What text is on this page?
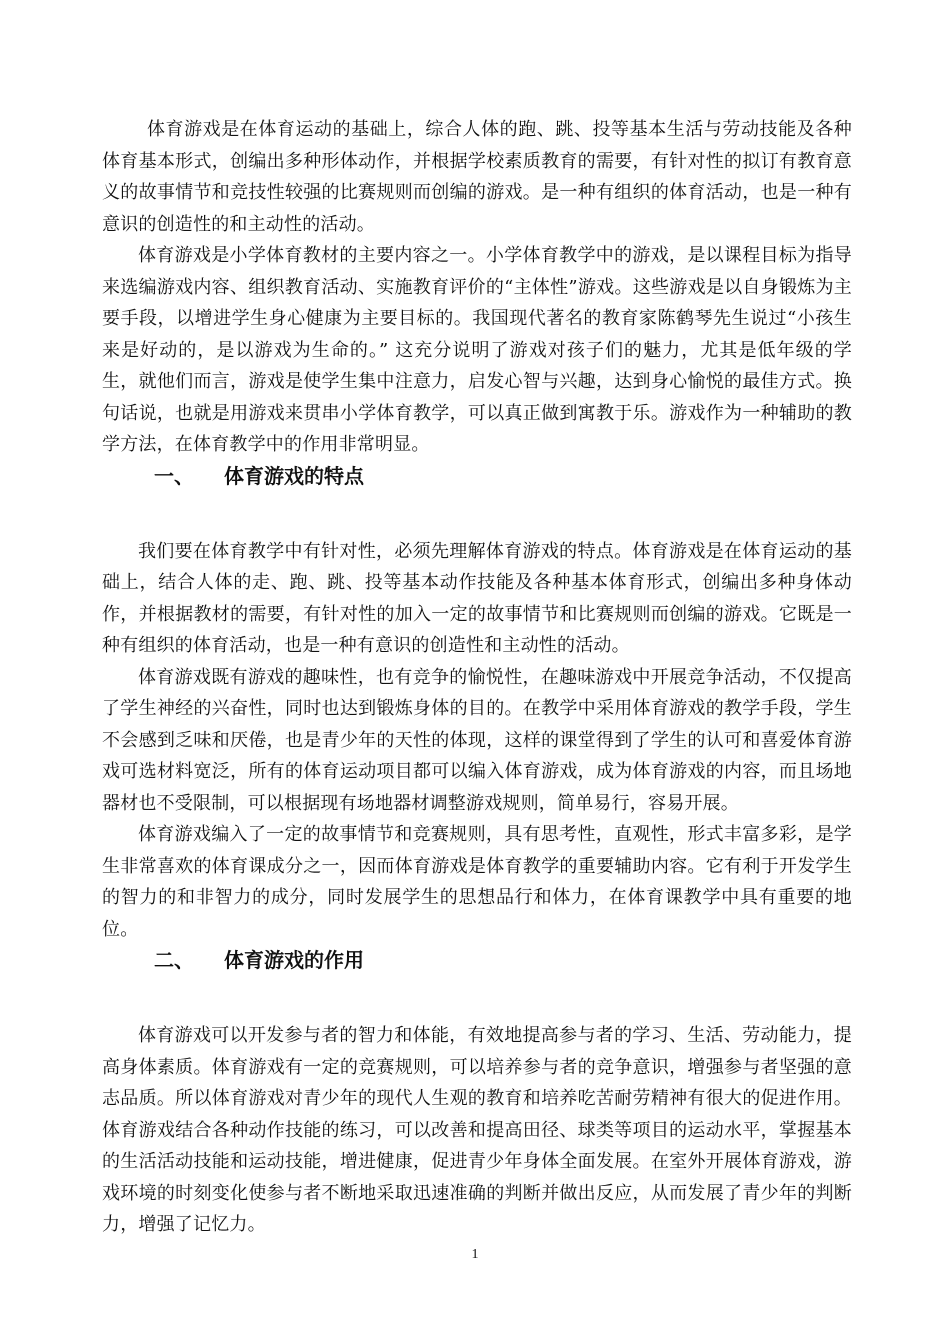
体育游戏是在体育运动的基础上，综合人体的跑、跳、投等基本生活与劳动技能及各种体育基本形式，创编出多种形体动作，并根据学校素质教育的需要，有针对性的拟订有教育意义的故事情节和竞技性较强的比赛规则而创编的游戏。是一种有组织的体育活动，也是一种有意识的创造性的和主动性的活动。

体育游戏是小学体育教材的主要内容之一。小学体育教学中的游戏，是以课程目标为指导来选编游戏内容、组织教育活动、实施教育评价的“主体性”游戏。这些游戏是以自身锻炼为主要手段，以增进学生身心健康为主要目标的。我国现代著名的教育家陈鹤琴先生说过“小孩生来是好动的，是以游戏为生命的。” 这充分说明了游戏对孩子们的魅力，尤其是低年级的学生，就他们而言，游戏是使学生集中注意力，启发心智与兴趣，达到身心愉悦的最佳方式。换句话说，也就是用游戏来贯串小学体育教学，可以真正做到寓教于乐。游戏作为一种辅助的教学方法，在体育教学中的作用非常明显。

一、 体育游戏的特点

我们要在体育教学中有针对性，必须先理解体育游戏的特点。体育游戏是在体育运动的基础上，结合人体的走、跑、跳、投等基本动作技能及各种基本体育形式，创编出多种身体动作，并根据教材的需要，有针对性的加入一定的故事情节和比赛规则而创编的游戏。它既是一种有组织的体育活动，也是一种有意识的创造性和主动性的活动。

体育游戏既有游戏的趣味性，也有竞争的愉悦性，在趣味游戏中开展竞争活动，不仅提高了学生神经的兴奋性，同时也达到锻炼身体的目的。在教学中采用体育游戏的教学手段，学生不会感到乏味和厌倦，也是青少年的天性的体现，这样的课堂得到了学生的认可和喜爱体育游戏可选材料宽泛，所有的体育运动项目都可以编入体育游戏，成为体育游戏的内容，而且场地器材也不受限制，可以根据现有场地器材调整游戏规则，简单易行，容易开展。

体育游戏编入了一定的故事情节和竞赛规则，具有思考性，直观性，形式丰富多彩，是学生非常喜欢的体育课成分之一，因而体育游戏是体育教学的重要辅助内容。它有利于开发学生的智力的和非智力的成分，同时发展学生的思想品行和体力，在体育课教学中具有重要的地位。

二、 体育游戏的作用

体育游戏可以开发参与者的智力和体能，有效地提高参与者的学习、生活、劳动能力，提高身体素质。体育游戏有一定的竞赛规则，可以培养参与者的竞争意识，增强参与者坚强的意志品质。所以体育游戏对青少年的现代人生观的教育和培养吃苦耐劳精神有很大的促进作用。体育游戏结合各种动作技能的练习，可以改善和提高田径、球类等项目的运动水平，掌握基本的生活活动技能和运动技能，增进健康，促进青少年身体全面发展。在室外开展体育游戏，游戏环境的时刻变化使参与者不断地采取迅速准确的判断并做出反应，从而发展了青少年的判断力，增强了记忆力。

1
